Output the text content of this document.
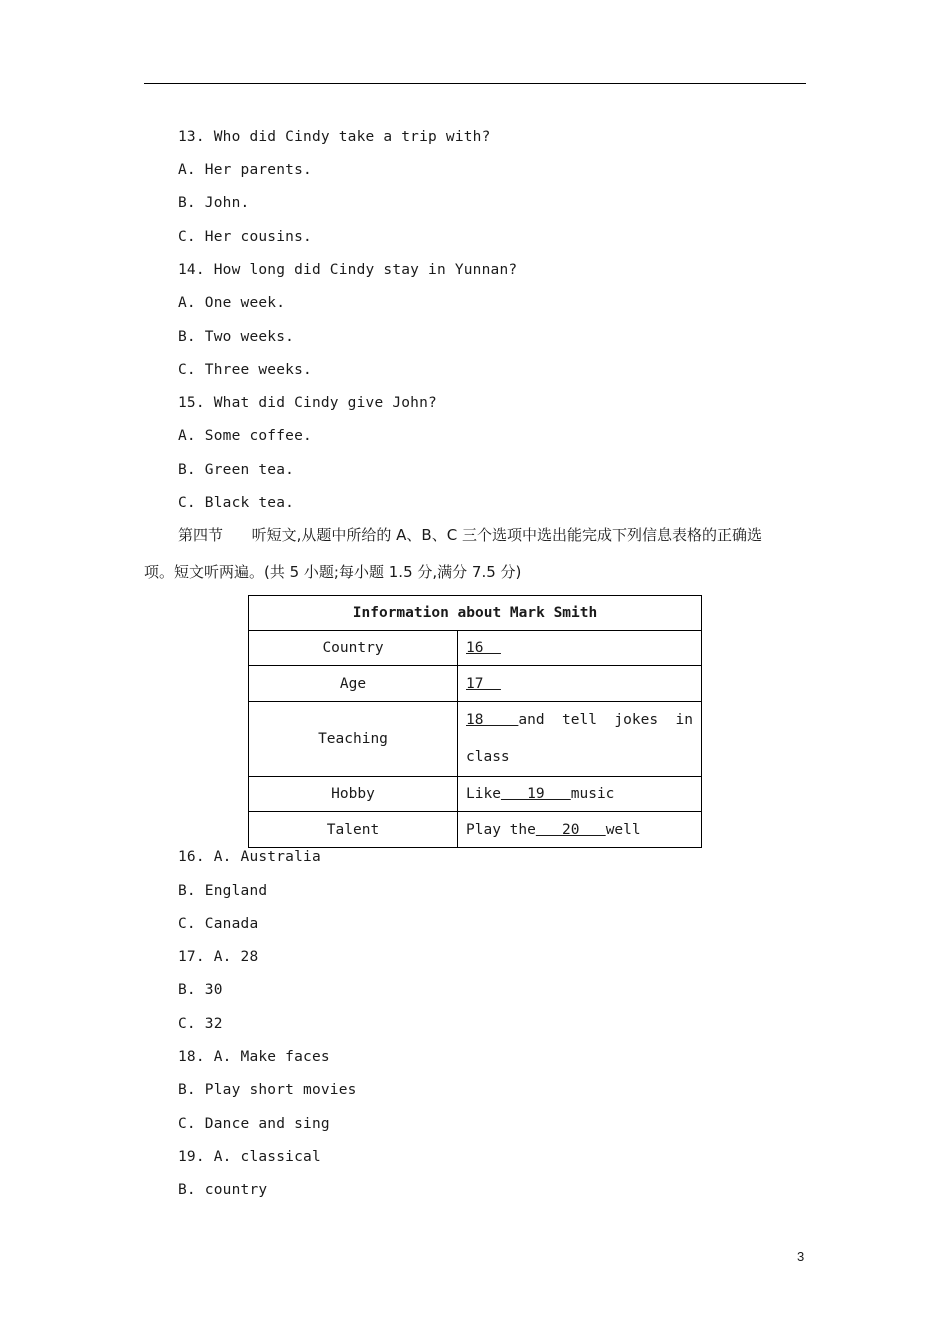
13. Who did Cindy take a trip with?
A. Her parents.
B. John.
C. Her cousins.
14. How long did Cindy stay in Yunnan?
A. One week.
B. Two weeks.
C. Three weeks.
15. What did Cindy give John?
A. Some coffee.
B. Green tea.
C. Black tea.
第四节      听短文,从题中所给的 A、B、C 三个选项中选出能完成下列信息表格的正确选
项。短文听两遍。(共 5 小题;每小题 1.5 分,满分 7.5 分)
Information about Mark Smith	
Country	16
Age	17
Teaching	18    and  tell  jokes  in
class
Hobby	Like   19   music
Talent	Play the   20   well
16. A. Australia
B. England
C. Canada
17. A. 28
B. 30
C. 32
18. A. Make faces
B. Play short movies
C. Dance and sing
19. A. classical
B. country
3
